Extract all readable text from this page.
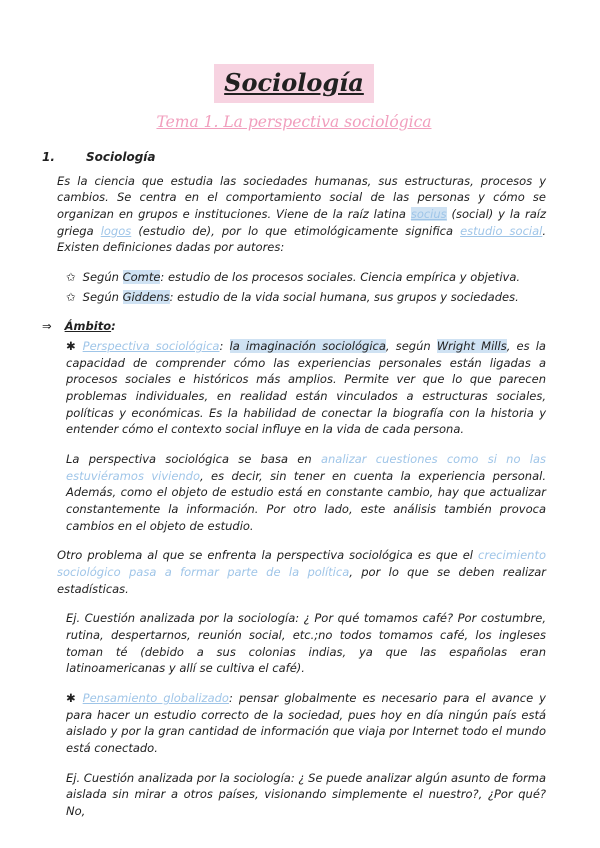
Sociología
Tema 1. La perspectiva sociológica

1.	Sociología

Es la ciencia que estudia las sociedades humanas, sus estructuras, procesos y cambios. Se centra en el comportamiento social de las personas y cómo se organizan en grupos e instituciones. Viene de la raíz latina socius (social) y la raíz griega logos (estudio de), por lo que etimológicamente significa estudio social. Existen definiciones dadas por autores:

✩ Según Comte: estudio de los procesos sociales. Ciencia empírica y objetiva.

✩ Según Giddens: estudio de la vida social humana, sus grupos y sociedades.

⇒ Ámbito:

✱ Perspectiva sociológica: la imaginación sociológica, según Wright Mills, es la capacidad de comprender cómo las experiencias personales están ligadas a procesos sociales e históricos más amplios. Permite ver que lo que parecen problemas individuales, en realidad están vinculados a estructuras sociales, políticas y económicas. Es la habilidad de conectar la biografía con la historia y entender cómo el contexto social influye en la vida de cada persona.

La perspectiva sociológica se basa en analizar cuestiones como si no las estuviéramos viviendo, es decir, sin tener en cuenta la experiencia personal. Además, como el objeto de estudio está en constante cambio, hay que actualizar constantemente la información. Por otro lado, este análisis también provoca cambios en el objeto de estudio.

Otro problema al que se enfrenta la perspectiva sociológica es que el crecimiento sociológico pasa a formar parte de la política, por lo que se deben realizar estadísticas.

Ej. Cuestión analizada por la sociología: ¿ Por qué tomamos café? Por costumbre, rutina, despertarnos, reunión social, etc.;no todos tomamos café, los ingleses toman té (debido a sus colonias indias, ya que las españolas eran latinoamericanas y allí se cultiva el café).

✱ Pensamiento globalizado: pensar globalmente es necesario para el avance y para hacer un estudio correcto de la sociedad, pues hoy en día ningún país está aislado y por la gran cantidad de información que viaja por Internet todo el mundo está conectado.

Ej. Cuestión analizada por la sociología: ¿ Se puede analizar algún asunto de forma aislada sin mirar a otros países, visionando simplemente el nuestro?, ¿Por qué? No,
